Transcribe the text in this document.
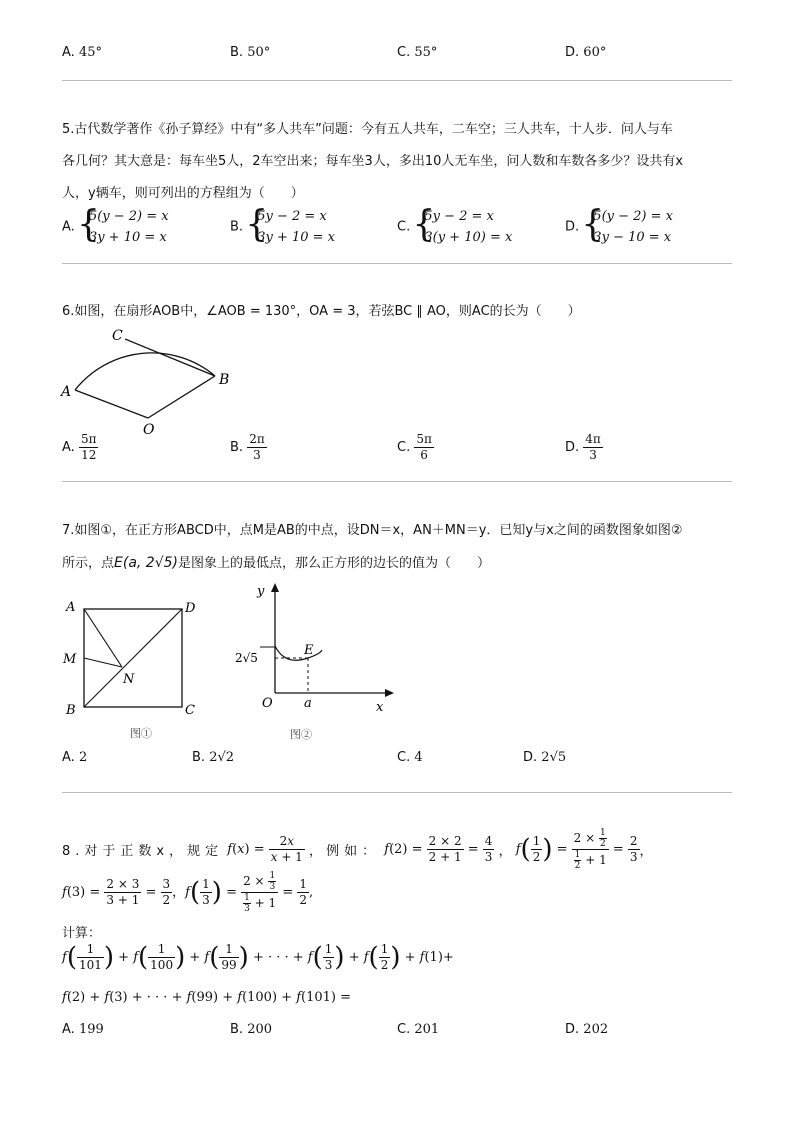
A. 45°	B. 50°	C. 55°	D. 60°
5.古代数学著作《孙子算经》中有“多人共车”问题：今有五人共车，二车空；三人共车，十人步．问人与车
各几何？其大意是：每车坐5人，2车空出来；每车坐3人，多出10人无车坐，问人数和车数各多少？设共有x
人，y辆车，则可列出的方程组为（　　）
A. { 5(y − 2) = x
3y + 10 = x
B. { 5y − 2 = x
3y + 10 = x
C. { 5y − 2 = x
3(y + 10) = x
D. { 5(y − 2) = x
3y − 10 = x
6.如图，在扇形AOB中，∠AOB = 130°，OA = 3，若弦BC ∥ AO，则AC的长为（　　）
C
A
B
O
A. $\frac{5\pi}{12}$	B. $\frac{2\pi}{3}$	C. $\frac{5\pi}{6}$	D. $\frac{4\pi}{3}$
7.如图①，在正方形ABCD中，点M是AB的中点，设DN＝x，AN＋MN＝y．已知y与x之间的函数图象如图②
所示，点E(a, 2√5)是图象上的最低点，那么正方形的边长的值为（　　）
A	D
M
N
B	C
图①
y
E
2√5
O a	x
图②
A. 2	B. 2√2	C. 4	D. 2√5
8.对于正数x，规定 $f(x) = \frac{2x}{x + 1}$ ， 例如： $f(2) = \frac{2 \times 2}{2 + 1} = \frac{4}{3}$ ， $f( \frac{1}{2}$ ) = $\frac{2 \times \frac{1}{2}}{\frac{1}{2} + 1} = \frac{2}{3}$ ，
$f(3) = \frac{2 \times 3}{3 + 1} = \frac{3}{2}$ ，$f( \frac{1}{3}$ ) = $\frac{2 \times \frac{1}{3}}{\frac{1}{3} + 1} = \frac{1}{2}$ ,
计算：
$f( \frac{1}{101}$ ) + $f( \frac{1}{100}$ ) + $f( \frac{1}{99}$ ) + · · · + $f( \frac{1}{3}$ ) + $f( \frac{1}{2}$ ) + f(1)+
f(2) + f(3) + · · · + f(99) + f(100) + f(101) =
A. 199	B. 200	C. 201	D. 202
